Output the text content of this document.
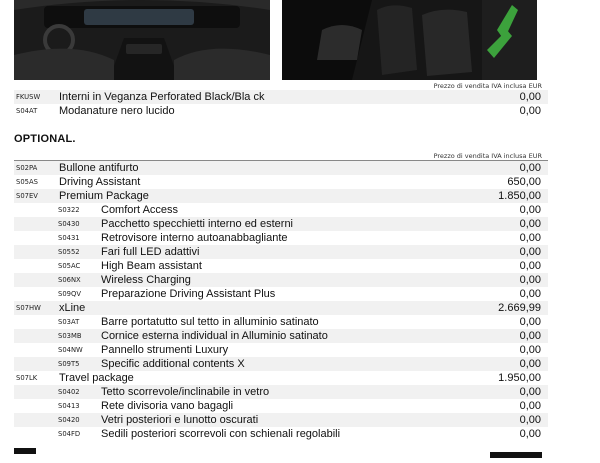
Prezzo di vendita IVA inclusa EUR
FKUSW Interni in Veganza Perforated Black/Bla ck	0,00
S04AT Modanature nero lucido	0,00
OPTIONAL.
Prezzo di vendita IVA inclusa EUR
S02PA Bullone antifurto	0,00
S05AS Driving Assistant	650,00
S07EV Premium Package	1.850,00
S0322 Comfort Access	0,00
S0430 Pacchetto specchietti interno ed esterni	0,00
S0431 Retrovisore interno autoanabbagliante	0,00
S0552 Fari full LED adattivi	0,00
S05AC High Beam assistant	0,00
S06NX Wireless Charging	0,00
S09QV Preparazione Driving Assistant Plus	0,00
S07HW xLine	2.669,99
S03AT Barre portatutto sul tetto in alluminio satinato	0,00
S03MB Cornice esterna individual in Alluminio satinato	0,00
S04NW Pannello strumenti Luxury	0,00
S09T5 Specific additional contents X	0,00
S07LK Travel package	1.950,00
S0402 Tetto scorrevole/inclinabile in vetro	0,00
S0413 Rete divisoria vano bagagli	0,00
S0420 Vetri posteriori e lunotto oscurati	0,00
S04FD Sedili posteriori scorrevoli con schienali regolabili	0,00
